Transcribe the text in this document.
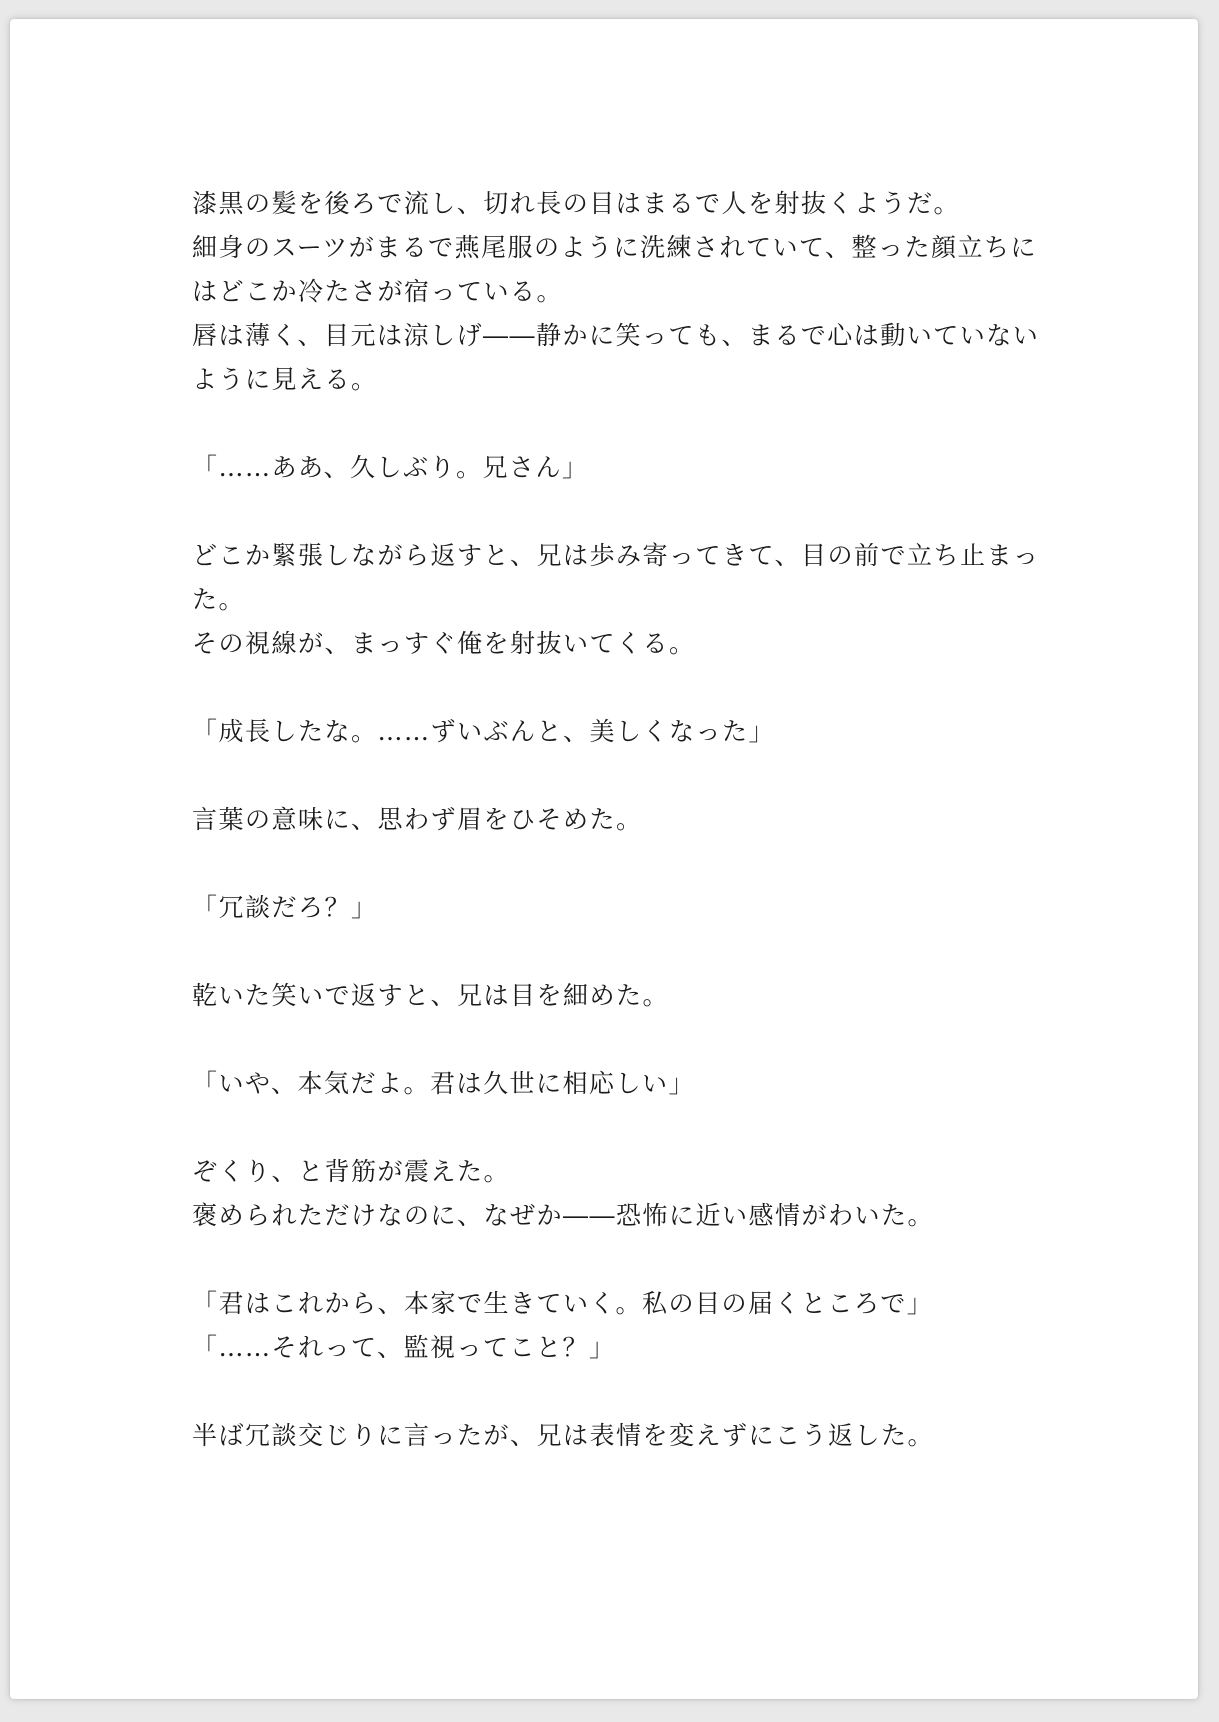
漆黒の髪を後ろで流し、切れ長の目はまるで人を射抜くようだ。
細身のスーツがまるで燕尾服のように洗練されていて、整った顔立ちに
はどこか冷たさが宿っている。
唇は薄く、目元は涼しげ――静かに笑っても、まるで心は動いていない
ように見える。
「……ああ、久しぶり。兄さん」
どこか緊張しながら返すと、兄は歩み寄ってきて、目の前で立ち止まっ
た。
その視線が、まっすぐ俺を射抜いてくる。
「成長したな。……ずいぶんと、美しくなった」
言葉の意味に、思わず眉をひそめた。
「冗談だろ？」
乾いた笑いで返すと、兄は目を細めた。
「いや、本気だよ。君は久世に相応しい」
ぞくり、と背筋が震えた。
褒められただけなのに、なぜか――恐怖に近い感情がわいた。
「君はこれから、本家で生きていく。私の目の届くところで」
「……それって、監視ってこと？」
半ば冗談交じりに言ったが、兄は表情を変えずにこう返した。
